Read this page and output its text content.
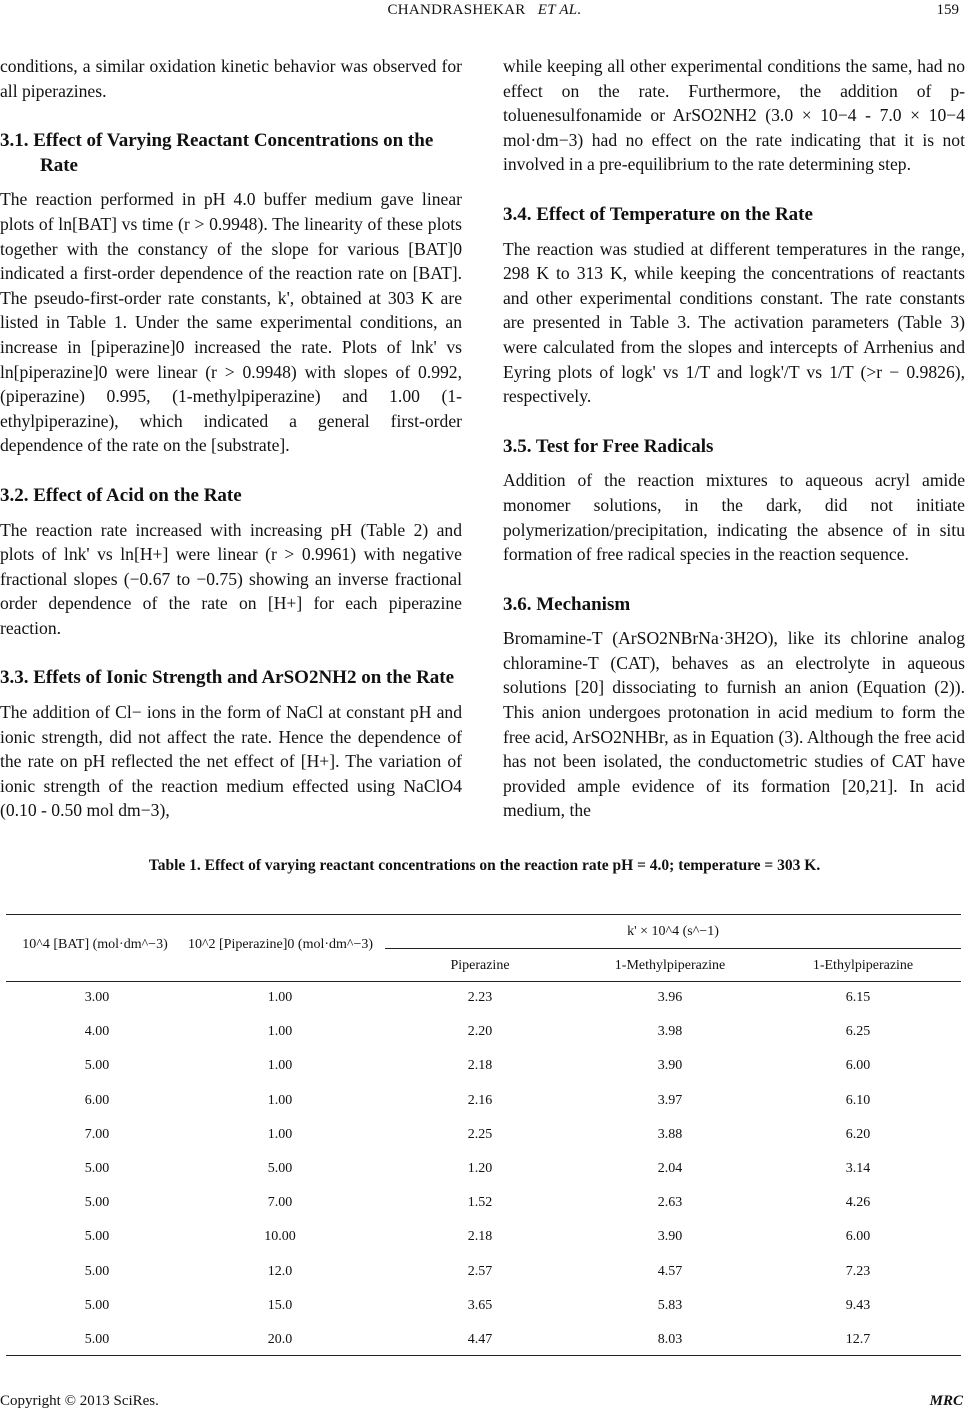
CHANDRASHEKAR ET AL.	159

conditions, a similar oxidation kinetic behavior was observed for all piperazines.

3.1. Effect of Varying Reactant Concentrations on the Rate

The reaction performed in pH 4.0 buffer medium gave linear plots of ln[BAT] vs time (r > 0.9948). The linearity of these plots together with the constancy of the slope for various [BAT]0 indicated a first-order dependence of the reaction rate on [BAT]. The pseudo-first-order rate constants, k', obtained at 303 K are listed in Table 1. Under the same experimental conditions, an increase in [piperazine]0 increased the rate. Plots of lnk' vs ln[piperazine]0 were linear (r > 0.9948) with slopes of 0.992, (piperazine) 0.995, (1-methylpiperazine) and 1.00 (1-ethylpiperazine), which indicated a general first-order dependence of the rate on the [substrate].

3.2. Effect of Acid on the Rate

The reaction rate increased with increasing pH (Table 2) and plots of lnk' vs ln[H+] were linear (r > 0.9961) with negative fractional slopes (−0.67 to −0.75) showing an inverse fractional order dependence of the rate on [H+] for each piperazine reaction.

3.3. Effets of Ionic Strength and ArSO2NH2 on the Rate

The addition of Cl− ions in the form of NaCl at constant pH and ionic strength, did not affect the rate. Hence the dependence of the rate on pH reflected the net effect of [H+]. The variation of ionic strength of the reaction medium effected using NaClO4 (0.10 - 0.50 mol dm−3),

while keeping all other experimental conditions the same, had no effect on the rate. Furthermore, the addition of p-toluenesulfonamide or ArSO2NH2 (3.0 × 10−4 - 7.0 × 10−4 mol·dm−3) had no effect on the rate indicating that it is not involved in a pre-equilibrium to the rate determining step.

3.4. Effect of Temperature on the Rate

The reaction was studied at different temperatures in the range, 298 K to 313 K, while keeping the concentrations of reactants and other experimental conditions constant. The rate constants are presented in Table 3. The activation parameters (Table 3) were calculated from the slopes and intercepts of Arrhenius and Eyring plots of logk' vs 1/T and logk'/T vs 1/T (>r − 0.9826), respectively.

3.5. Test for Free Radicals

Addition of the reaction mixtures to aqueous acryl amide monomer solutions, in the dark, did not initiate polymerization/precipitation, indicating the absence of in situ formation of free radical species in the reaction sequence.

3.6. Mechanism

Bromamine-T (ArSO2NBrNa·3H2O), like its chlorine analog chloramine-T (CAT), behaves as an electrolyte in aqueous solutions [20] dissociating to furnish an anion (Equation (2)). This anion undergoes protonation in acid medium to form the free acid, ArSO2NHBr, as in Equation (3). Although the free acid has not been isolated, the conductometric studies of CAT have provided ample evidence of its formation [20,21]. In acid medium, the

Table 1. Effect of varying reactant concentrations on the reaction rate pH = 4.0; temperature = 303 K.
10^4 [BAT] (mol·dm^−3)	10^2 [Piperazine]0 (mol·dm^−3)
k' × 10^4 (s^−1)
Piperazine	1-Methylpiperazine	1-Ethylpiperazine
3.00	1.00	2.23	3.96	6.15
4.00	1.00	2.20	3.98	6.25
5.00	1.00	2.18	3.90	6.00
6.00	1.00	2.16	3.97	6.10
7.00	1.00	2.25	3.88	6.20
5.00	5.00	1.20	2.04	3.14
5.00	7.00	1.52	2.63	4.26
5.00	10.00	2.18	3.90	6.00
5.00	12.0	2.57	4.57	7.23
5.00	15.0	3.65	5.83	9.43
5.00	20.0	4.47	8.03	12.7
Copyright © 2013 SciRes.	MRC
